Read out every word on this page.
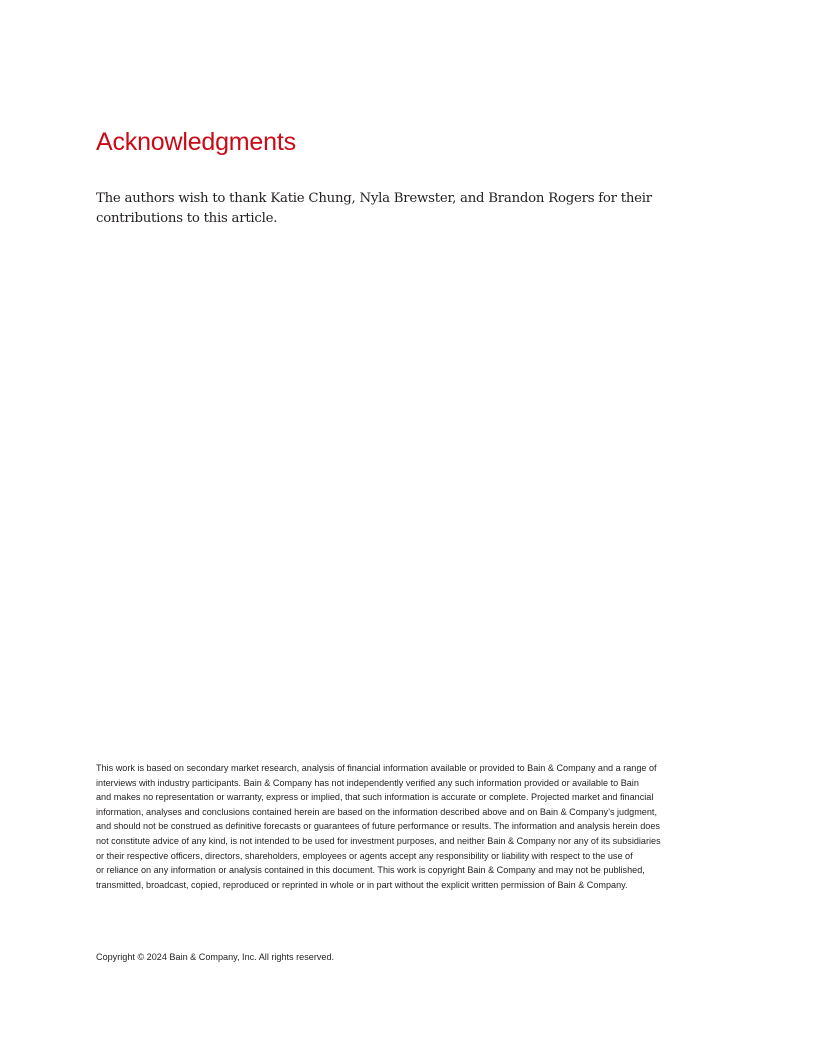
Acknowledgments

The authors wish to thank Katie Chung, Nyla Brewster, and Brandon Rogers for their contributions to this article.

This work is based on secondary market research, analysis of financial information available or provided to Bain & Company and a range of
interviews with industry participants. Bain & Company has not independently verified any such information provided or available to Bain
and makes no representation or warranty, express or implied, that such information is accurate or complete. Projected market and financial
information, analyses and conclusions contained herein are based on the information described above and on Bain & Company’s judgment,
and should not be construed as definitive forecasts or guarantees of future performance or results. The information and analysis herein does
not constitute advice of any kind, is not intended to be used for investment purposes, and neither Bain & Company nor any of its subsidiaries
or their respective officers, directors, shareholders, employees or agents accept any responsibility or liability with respect to the use of
or reliance on any information or analysis contained in this document. This work is copyright Bain & Company and may not be published,
transmitted, broadcast, copied, reproduced or reprinted in whole or in part without the explicit written permission of Bain & Company.

Copyright © 2024 Bain & Company, Inc. All rights reserved.
